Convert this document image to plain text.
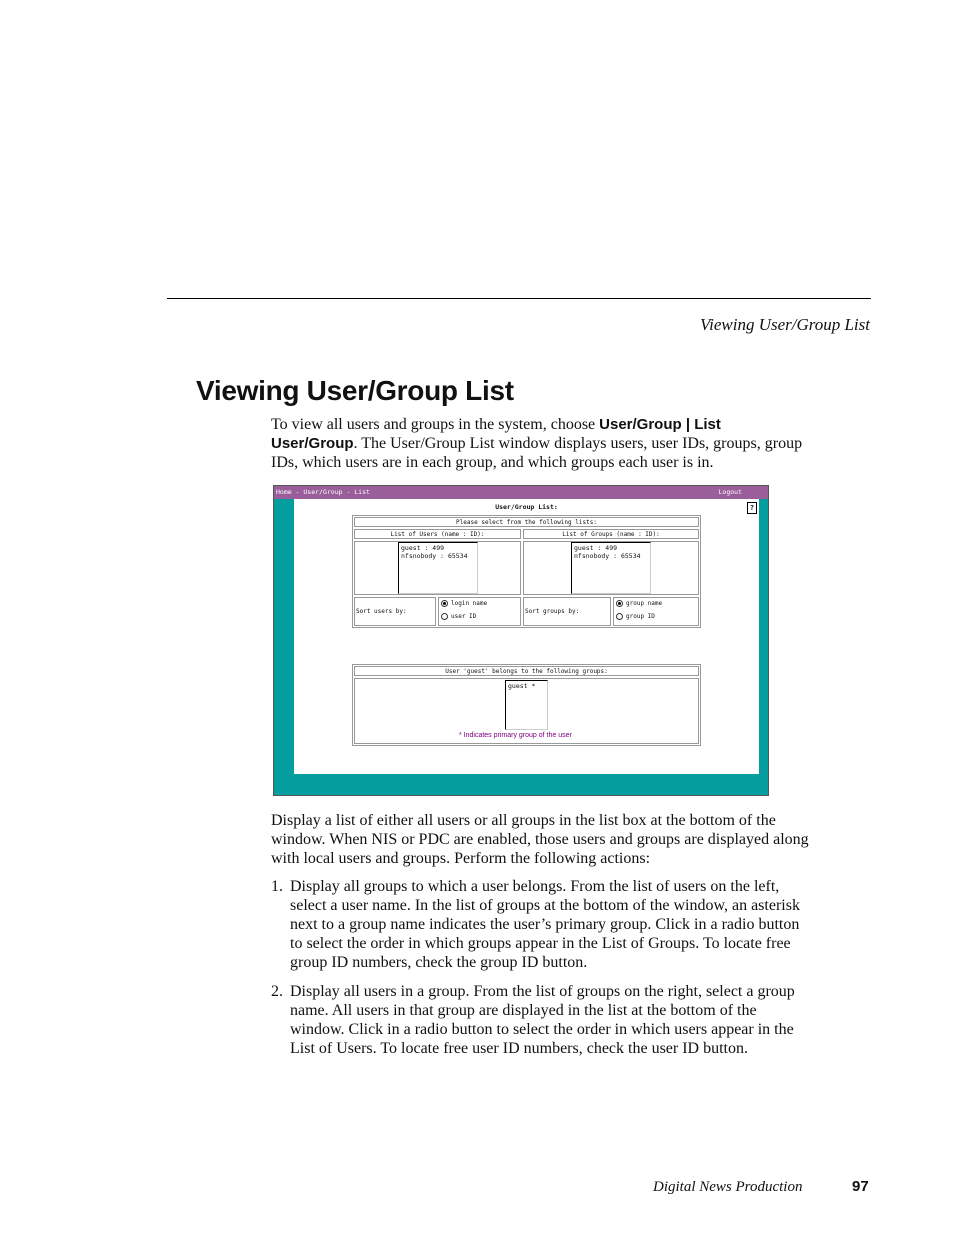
Viewing User/Group List
Viewing User/Group List

To view all users and groups in the system, choose User/Group | List User/Group. The User/Group List window displays users, user IDs, groups, group IDs, which users are in each group, and which groups each user is in.

Home - User/Group - List	Logout
User/Group List:	?
Please select from the following lists:
List of Users (name : ID):	List of Groups (name : ID):
guest : 499
nfsnobody : 65534
guest : 499
nfsnobody : 65534
Sort users by:
login name
user ID
Sort groups by:
group name
group ID
User 'guest' belongs to the following groups:
guest *
* Indicates primary group of the user

Display a list of either all users or all groups in the list box at the bottom of the window. When NIS or PDC are enabled, those users and groups are displayed along with local users and groups. Perform the following actions:

1. Display all groups to which a user belongs. From the list of users on the left, select a user name. In the list of groups at the bottom of the window, an asterisk next to a group name indicates the user’s primary group. Click in a radio button to select the order in which groups appear in the List of Groups. To locate free group ID numbers, check the group ID button.
2. Display all users in a group. From the list of groups on the right, select a group name. All users in that group are displayed in the list at the bottom of the window. Click in a radio button to select the order in which users appear in the List of Users. To locate free user ID numbers, check the user ID button.
Digital News Production	97
